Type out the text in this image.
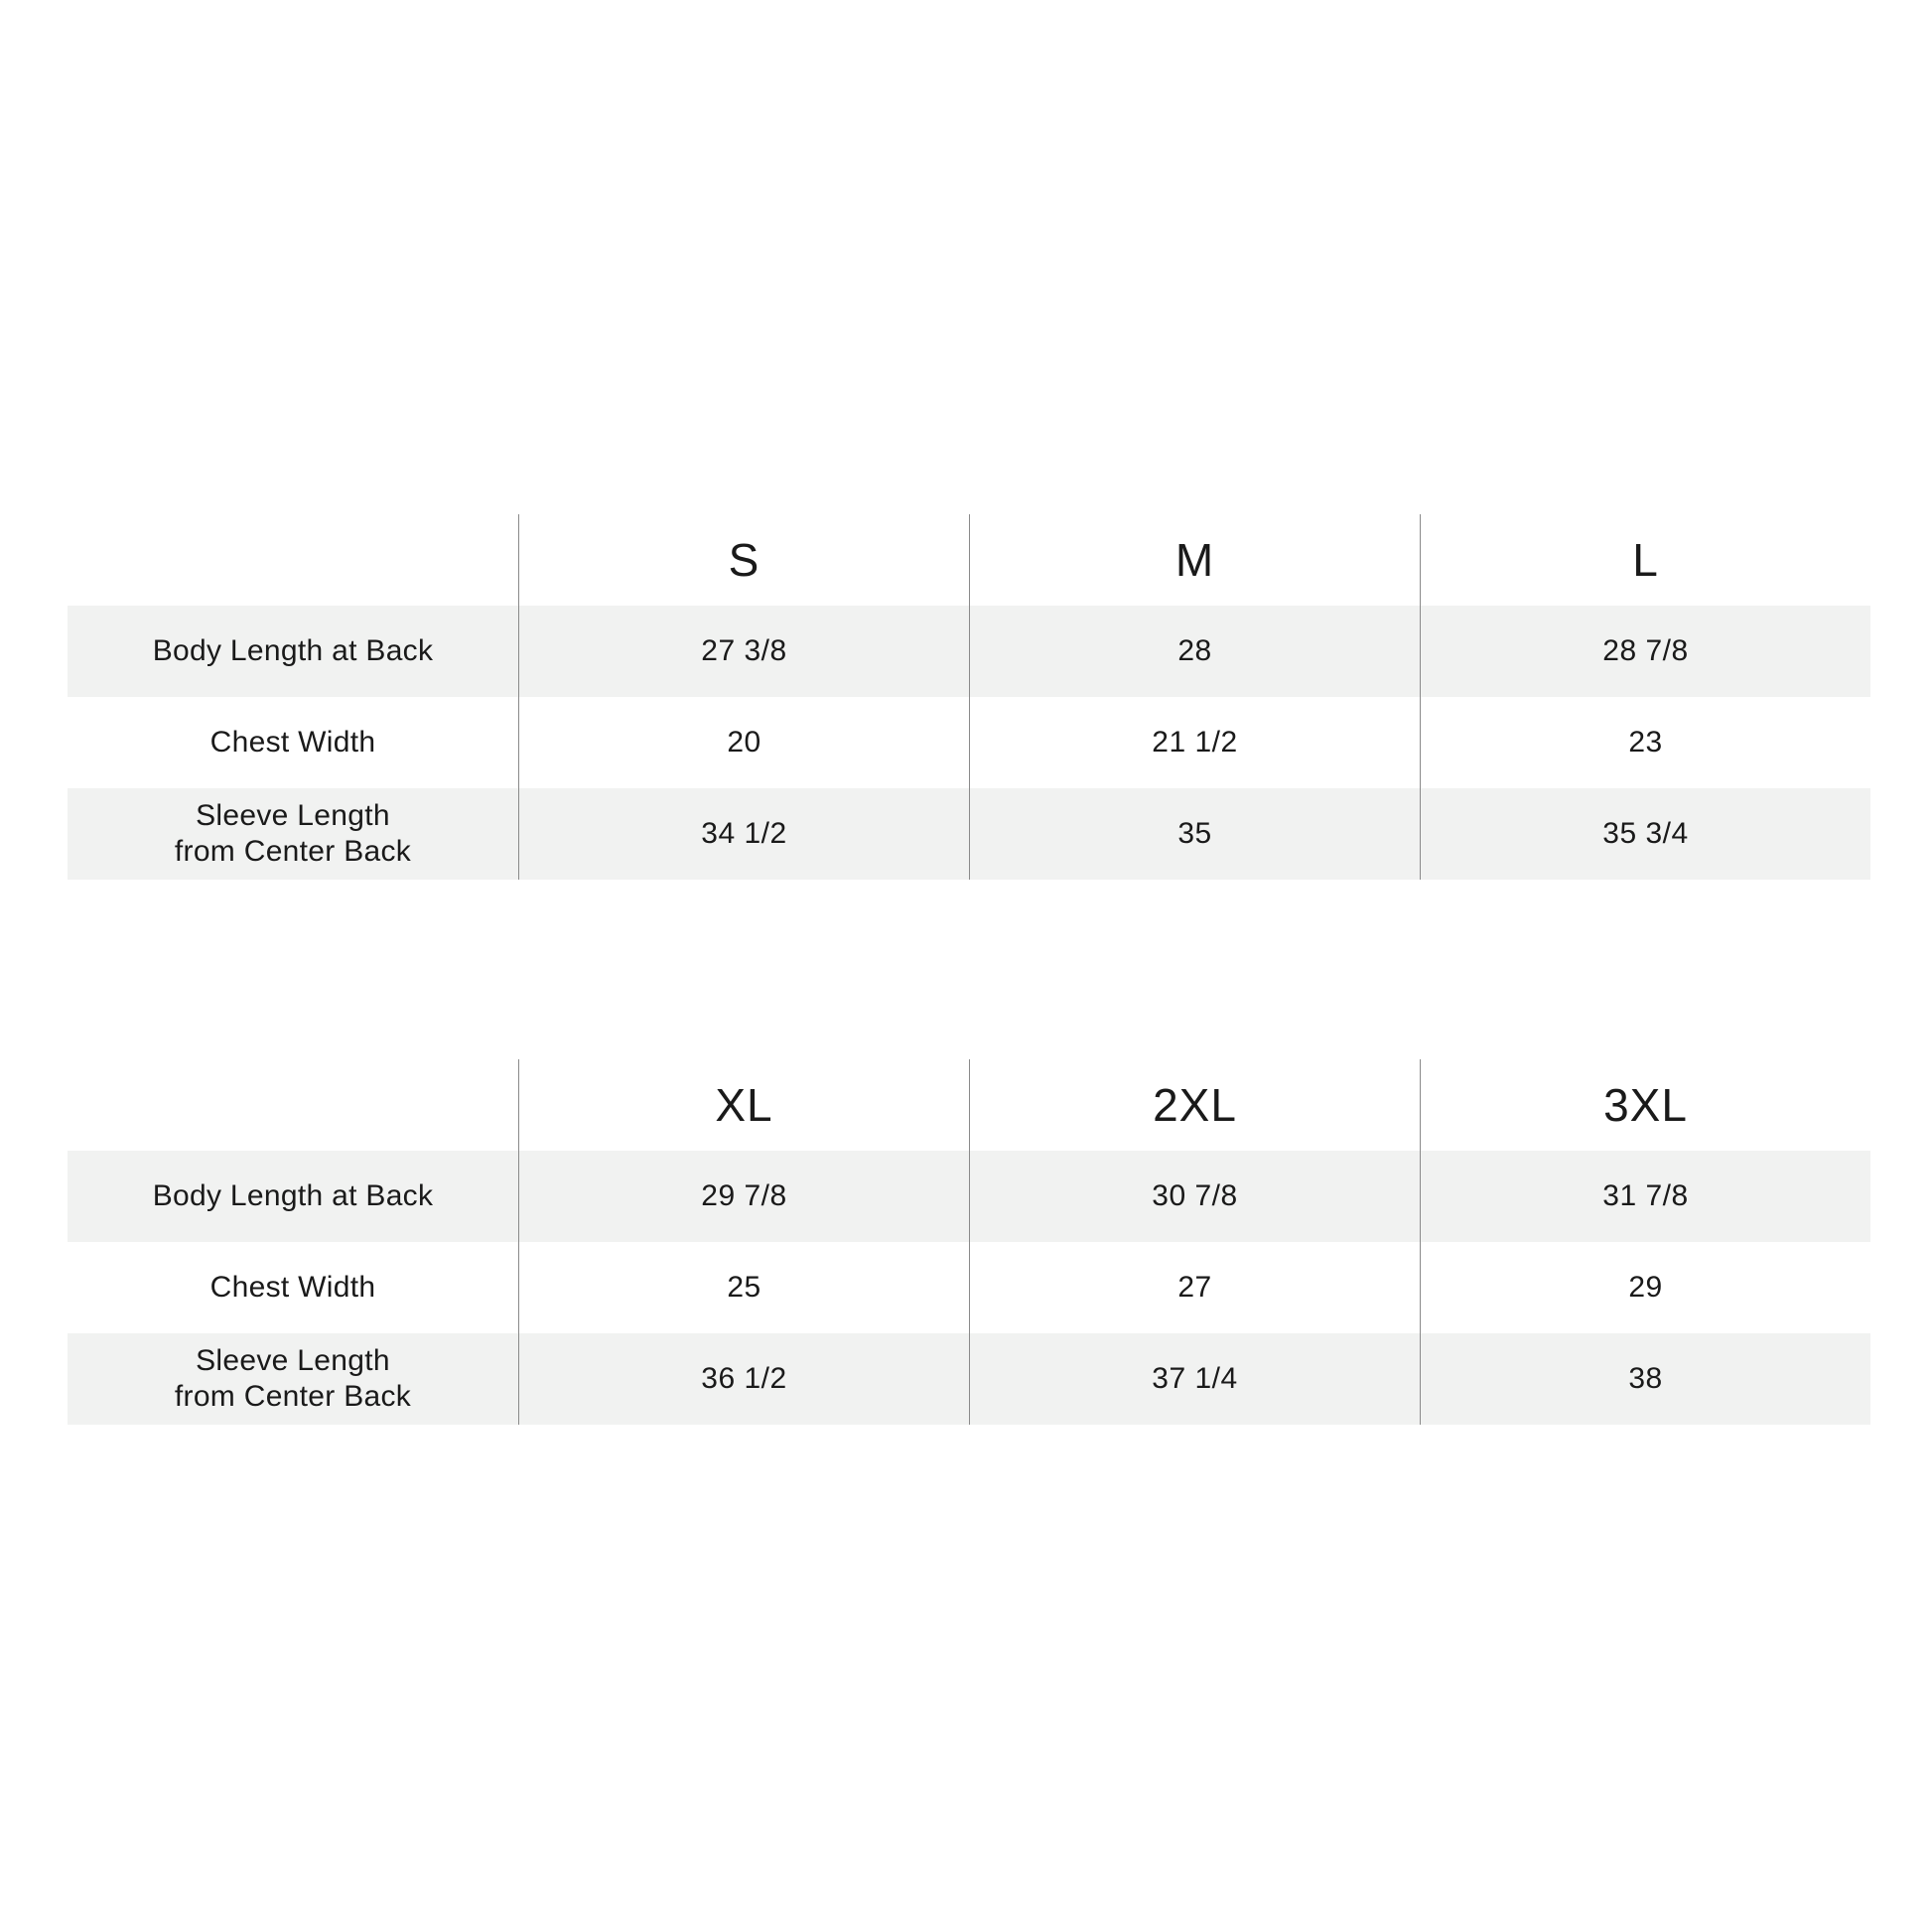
S	M	L
Body Length at Back	27 3/8	28	28 7/8
Chest Width	20	21 1/2	23
Sleeve Length
from Center Back
34 1/2	35	35 3/4
XL	2XL	3XL
Body Length at Back	29 7/8	30 7/8	31 7/8
Chest Width	25	27	29
Sleeve Length
from Center Back
36 1/2	37 1/4	38
